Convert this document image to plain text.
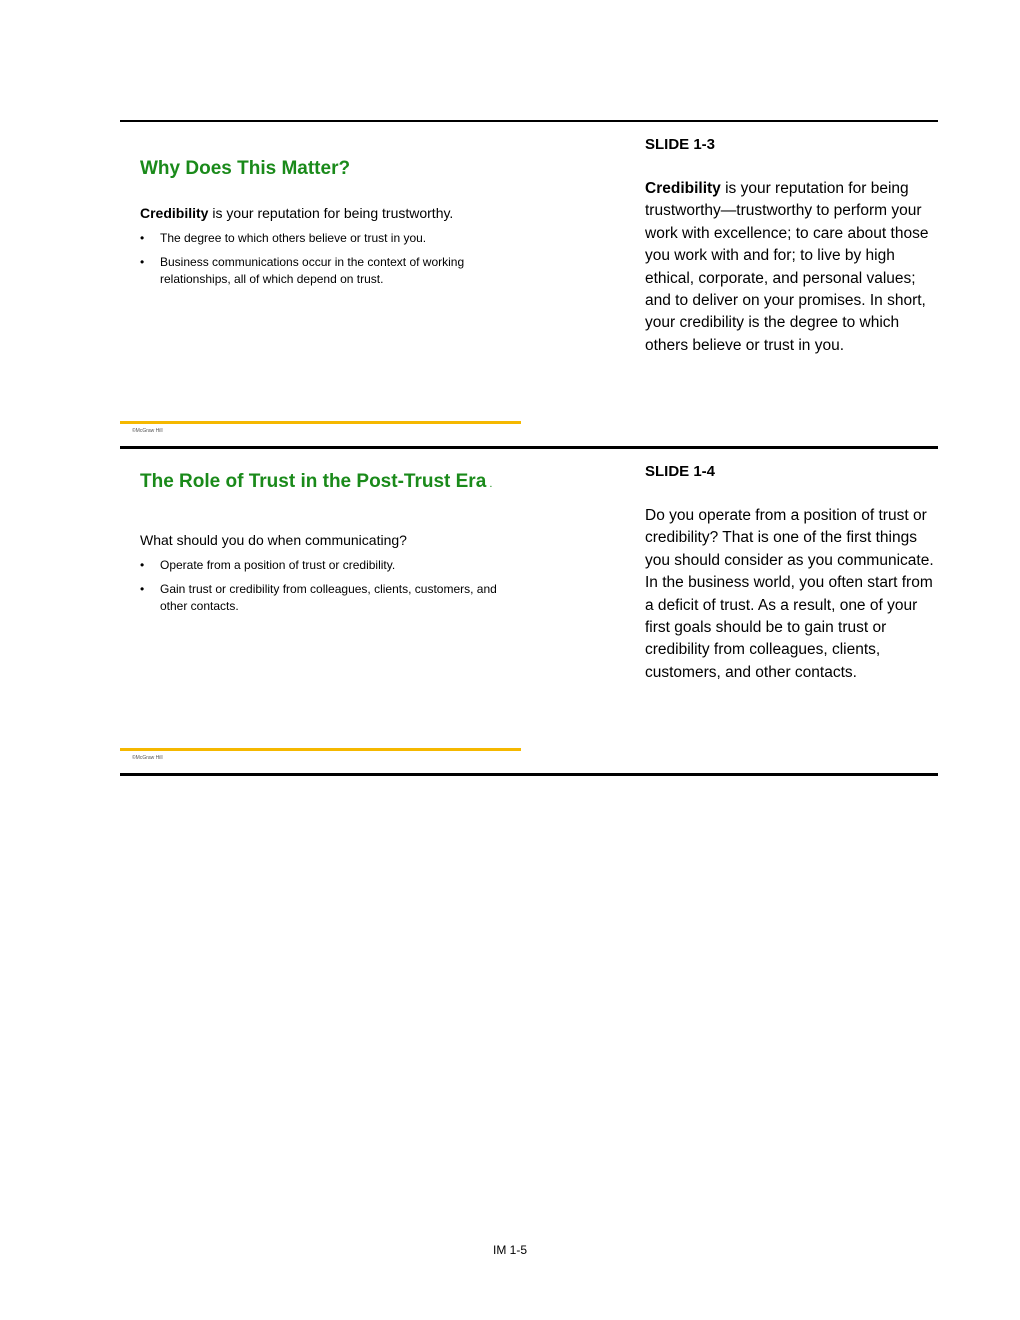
Why Does This Matter?
Credibility is your reputation for being trustworthy.
• The degree to which others believe or trust in you.
• Business communications occur in the context of working relationships, all of which depend on trust.
©McGraw Hill

SLIDE 1-3

Credibility is your reputation for being trustworthy—trustworthy to perform your work with excellence; to care about those you work with and for; to live by high ethical, corporate, and personal values; and to deliver on your promises. In short, your credibility is the degree to which others believe or trust in you.

The Role of Trust in the Post-Trust Era .
What should you do when communicating?
• Operate from a position of trust or credibility.
• Gain trust or credibility from colleagues, clients, customers, and other contacts.
©McGraw Hill

SLIDE 1-4

Do you operate from a position of trust or credibility? That is one of the first things you should consider as you communicate. In the business world, you often start from a deficit of trust. As a result, one of your first goals should be to gain trust or credibility from colleagues, clients, customers, and other contacts.

IM 1-5
